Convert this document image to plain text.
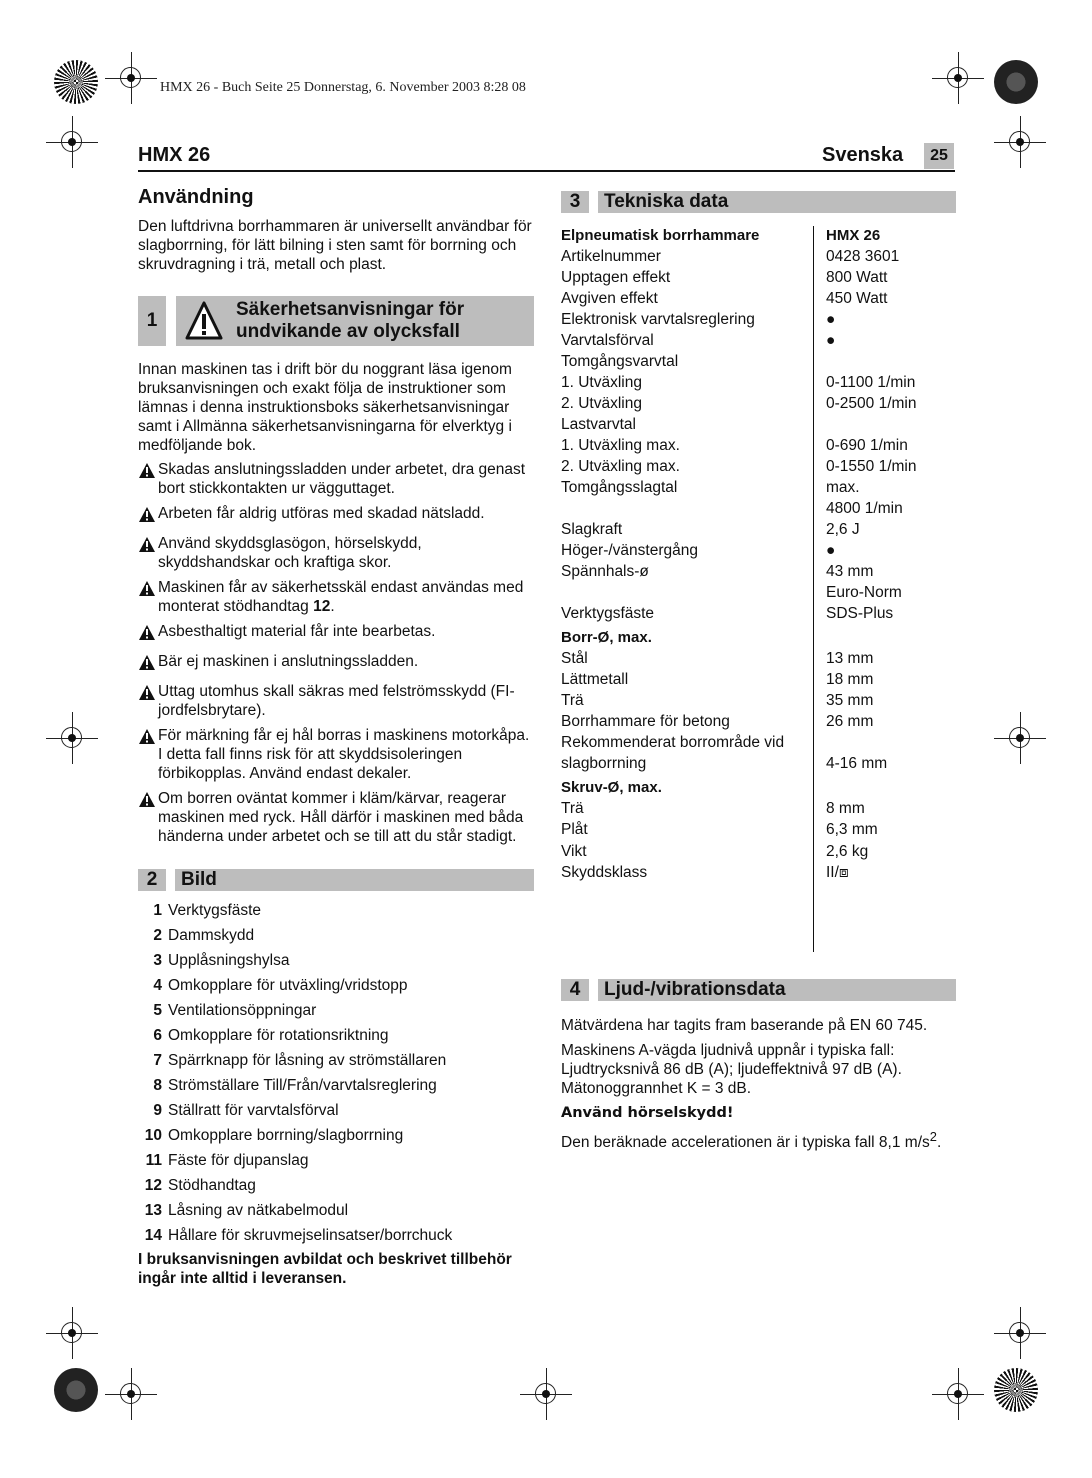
HMX 26 - Buch Seite 25 Donnerstag, 6. November 2003 8:28 08
HMX 26	Svenska	25
Användning

Den luftdrivna borrhammaren är universellt användbar för slagborrning, för lätt bilning i sten samt för borrning och skruvdragning i trä, metall och plast.

1
Säkerhetsanvisningar för
undvikande av olycksfall

Innan maskinen tas i drift bör du noggrant läsa igenom bruksanvisningen och exakt följa de instruktioner som lämnas i denna instruktionsboks säkerhetsanvisningar samt i Allmänna säkerhetsanvisningarna för elverktyg i medföljande bok.

Skadas anslutningssladden under arbetet, dra genast bort stickkontakten ur vägguttaget.
Arbeten får aldrig utföras med skadad nätsladd.
Använd skyddsglasögon, hörselskydd, skyddshandskar och kraftiga skor.
Maskinen får av säkerhetsskäl endast användas med monterat stödhandtag 12.
Asbesthaltigt material får inte bearbetas.
Bär ej maskinen i anslutningssladden.
Uttag utomhus skall säkras med felströmsskydd (FI- jordfelsbrytare).
För märkning får ej hål borras i maskinens motorkåpa. I detta fall finns risk för att skyddsisoleringen förbikopplas. Använd endast dekaler.
Om borren oväntat kommer i kläm/kärvar, reagerar maskinen med ryck. Håll därför i maskinen med båda händerna under arbetet och se till att du står stadigt.
2	Bild
1 Verktygsfäste
2 Dammskydd
3 Upplåsningshylsa
4 Omkopplare för utväxling/vridstopp
5 Ventilationsöppningar
6 Omkopplare för rotationsriktning
7 Spärrknapp för låsning av strömställaren
8 Strömställare Till/Från/varvtalsreglering
9 Ställratt för varvtalsförval
10 Omkopplare borrning/slagborrning
11 Fäste för djupanslag
12 Stödhandtag
13 Låsning av nätkabelmodul
14 Hållare för skruvmejselinsatser/borrchuck

I bruksanvisningen avbildat och beskrivet tillbehör ingår inte alltid i leveransen.

3	Tekniska data
Elpneumatisk borrhammare	HMX 26
Artikelnummer	0428 3601
Upptagen effekt	800 Watt
Avgiven effekt	450 Watt
Elektronisk varvtalsreglering	●
Varvtalsförval	●
Tomgångsvarvtal
1. Utväxling	0-1100 1/min
2. Utväxling	0-2500 1/min
Lastvarvtal
1. Utväxling max.	0-690 1/min
2. Utväxling max.	0-1550 1/min
Tomgångsslagtal	max.
4800 1/min
Slagkraft	2,6 J
Höger-/vänstergång	●
Spännhals-ø	43 mm
Euro-Norm
Verktygsfäste	SDS-Plus
Borr-Ø, max.
Stål	13 mm
Lättmetall	18 mm
Trä	35 mm
Borrhammare för betong	26 mm
Rekommenderat borrområde vid
slagborrning	4-16 mm
Skruv-Ø, max.
Trä	8 mm
Plåt	6,3 mm
Vikt	2,6 kg
Skyddsklass	II/⧈
4	Ljud-/vibrationsdata

Mätvärdena har tagits fram baserande på EN 60 745.

Maskinens A-vägda ljudnivå uppnår i typiska fall: Ljudtrycksnivå 86 dB (A); ljudeffektnivå 97 dB (A). Mätonoggrannhet K = 3 dB.

Använd hörselskydd!

Den beräknade accelerationen är i typiska fall 8,1 $m/s^2$.
